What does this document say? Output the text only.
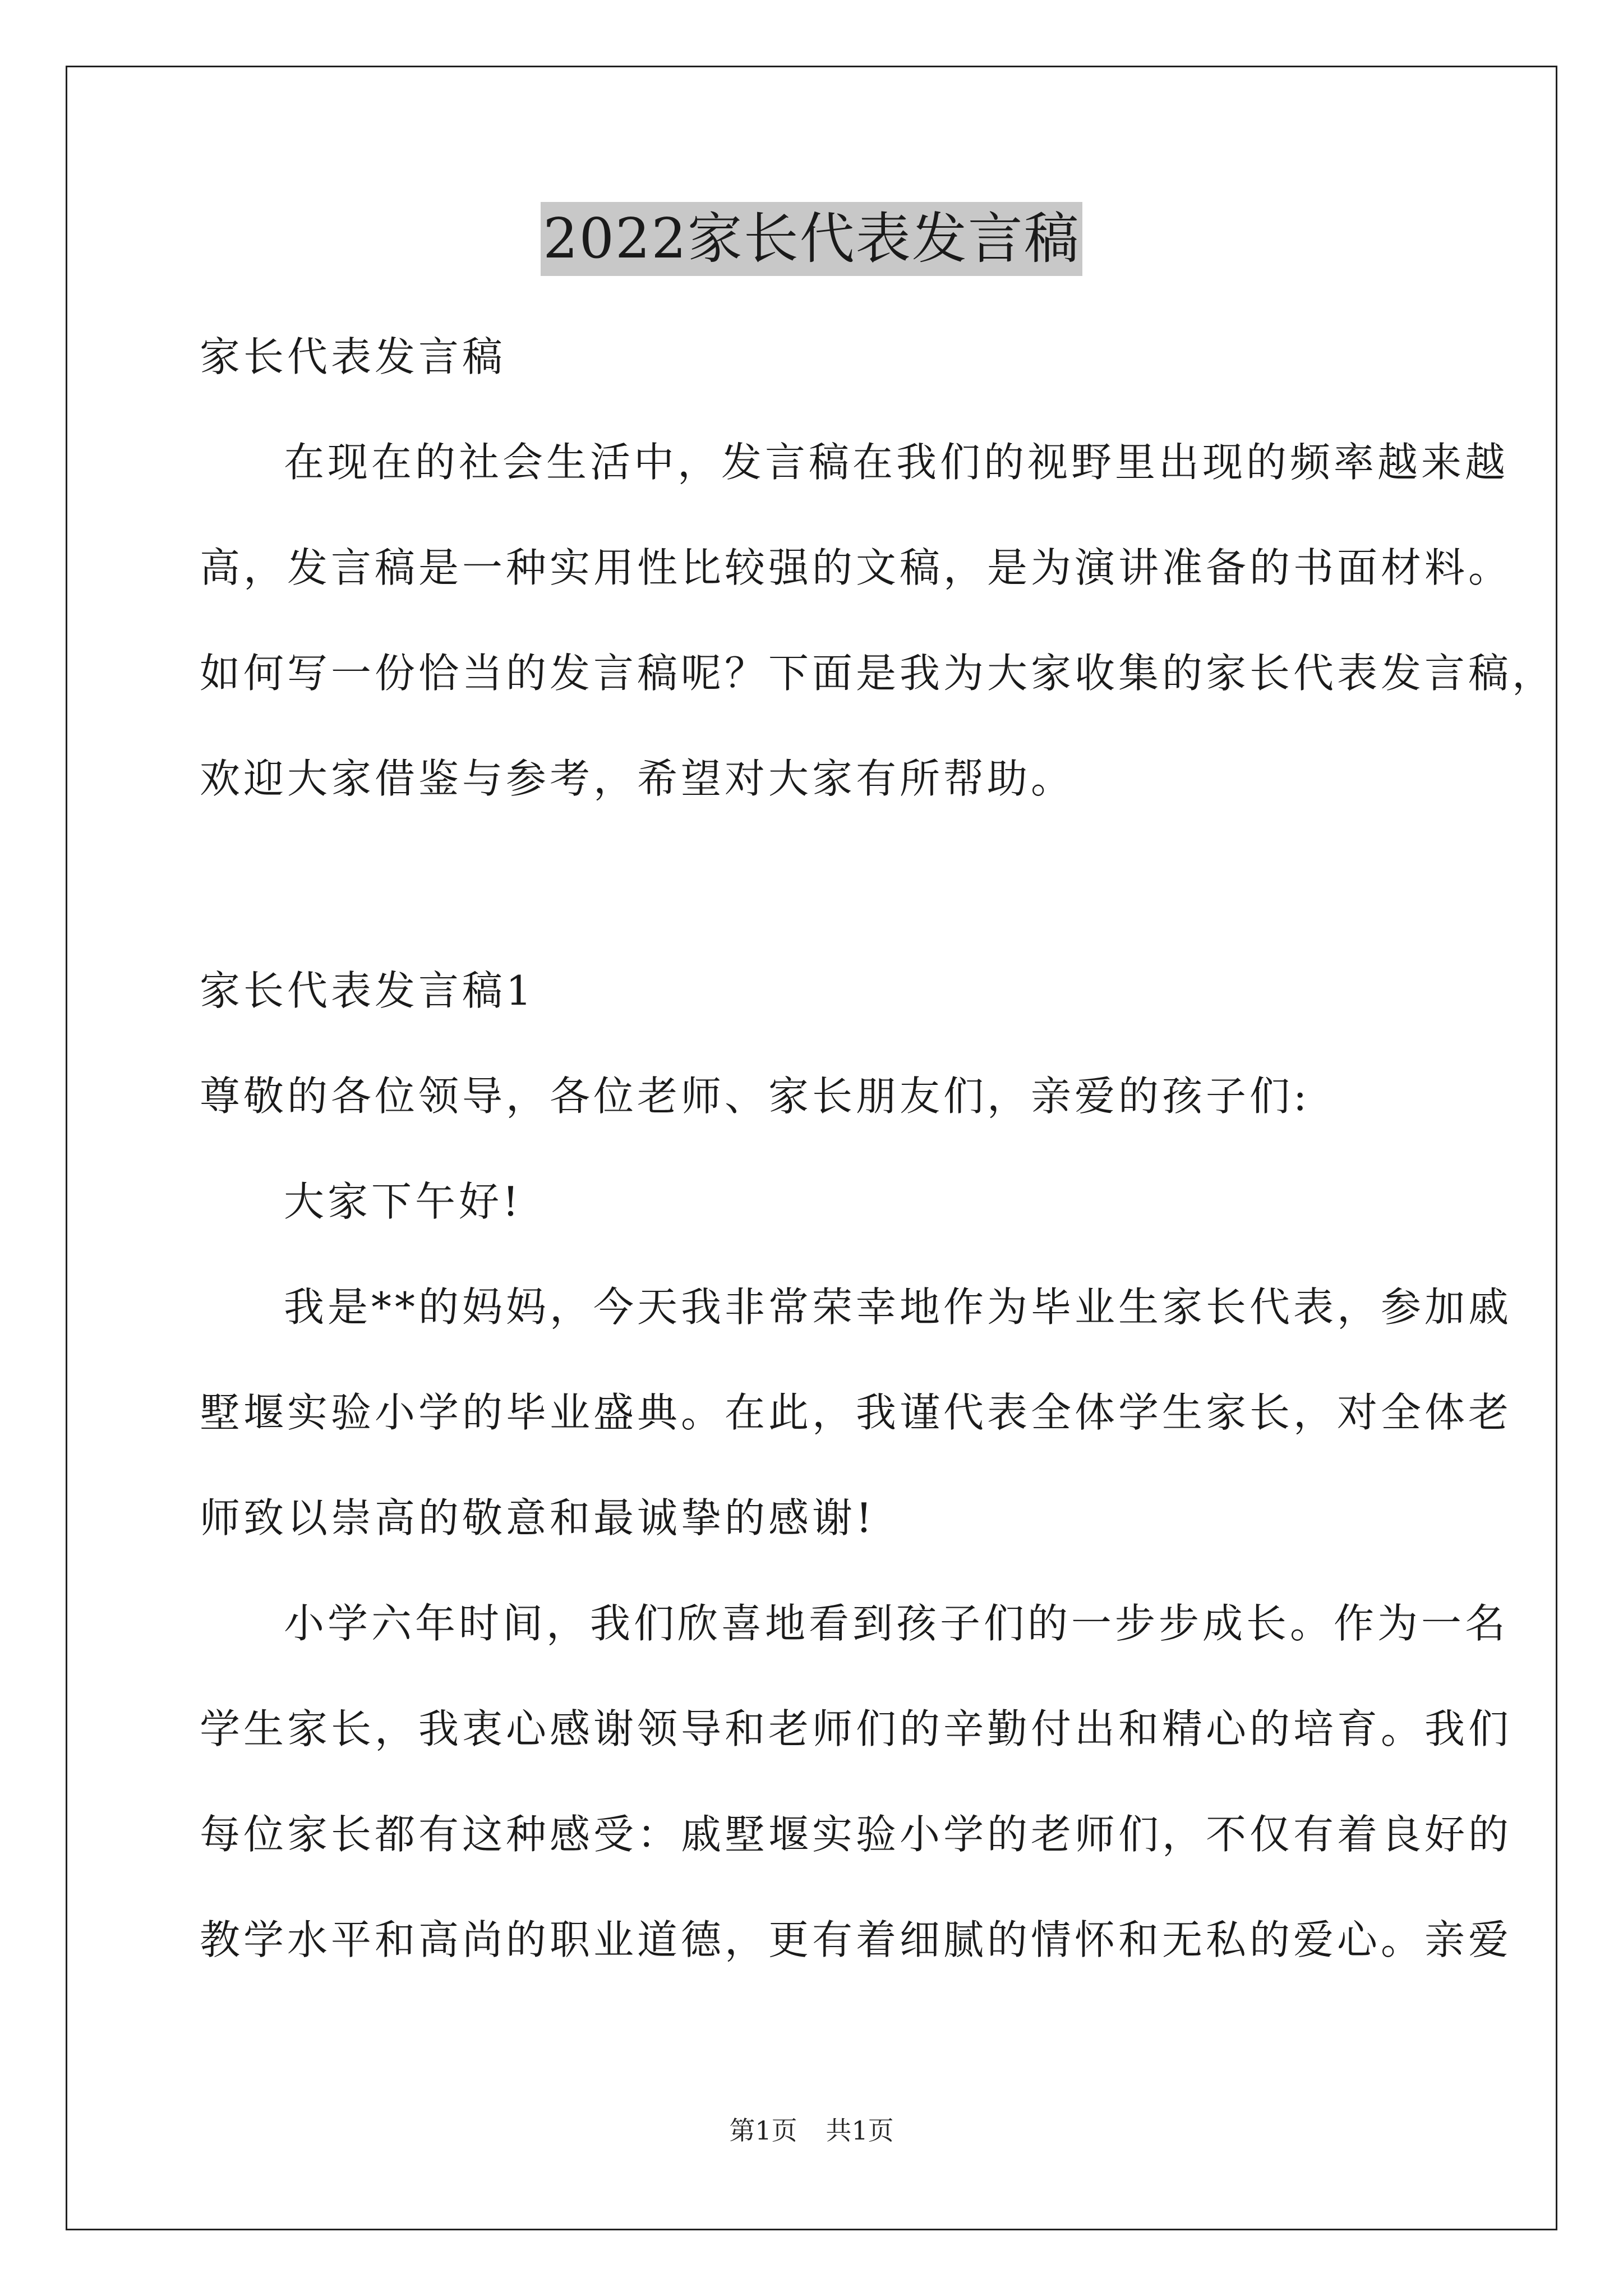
2022家长代表发言稿
家长代表发言稿
在现在的社会生活中，发言稿在我们的视野里出现的频率越来越
高，发言稿是一种实用性比较强的文稿，是为演讲准备的书面材料。
如何写一份恰当的发言稿呢？下面是我为大家收集的家长代表发言稿，
欢迎大家借鉴与参考，希望对大家有所帮助。
家长代表发言稿1
尊敬的各位领导，各位老师、家长朋友们，亲爱的孩子们:
大家下午好!
我是**的妈妈，今天我非常荣幸地作为毕业生家长代表，参加戚
墅堰实验小学的毕业盛典。在此，我谨代表全体学生家长，对全体老
师致以崇高的敬意和最诚挚的感谢!
小学六年时间，我们欣喜地看到孩子们的一步步成长。作为一名
学生家长，我衷心感谢领导和老师们的辛勤付出和精心的培育。我们
每位家长都有这种感受：戚墅堰实验小学的老师们，不仅有着良好的
教学水平和高尚的职业道德，更有着细腻的情怀和无私的爱心。亲爱
第1页 共1页
